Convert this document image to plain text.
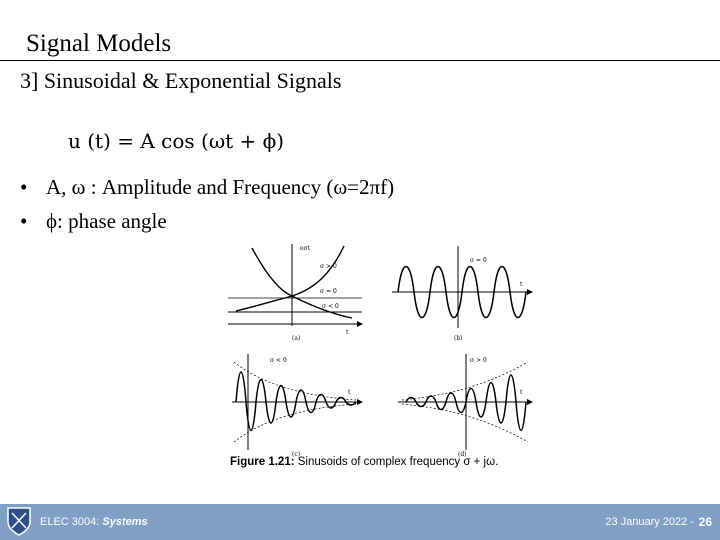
Signal Models
3] Sinusoidal & Exponential Signals
u (t) = A cos (ωt + ϕ)
• A, ω : Amplitude and Frequency (ω=2πf)
• ϕ: phase angle
eσt
σ > 0
σ = 0
σ < 0
t
(a)
σ = 0
t
(b)
σ < 0
t
(c)
σ > 0
t
(d)
Figure 1.21: Sinusoids of complex frequency σ + jω.
ELEC 3004: Systems	23 January 2022 - 26
